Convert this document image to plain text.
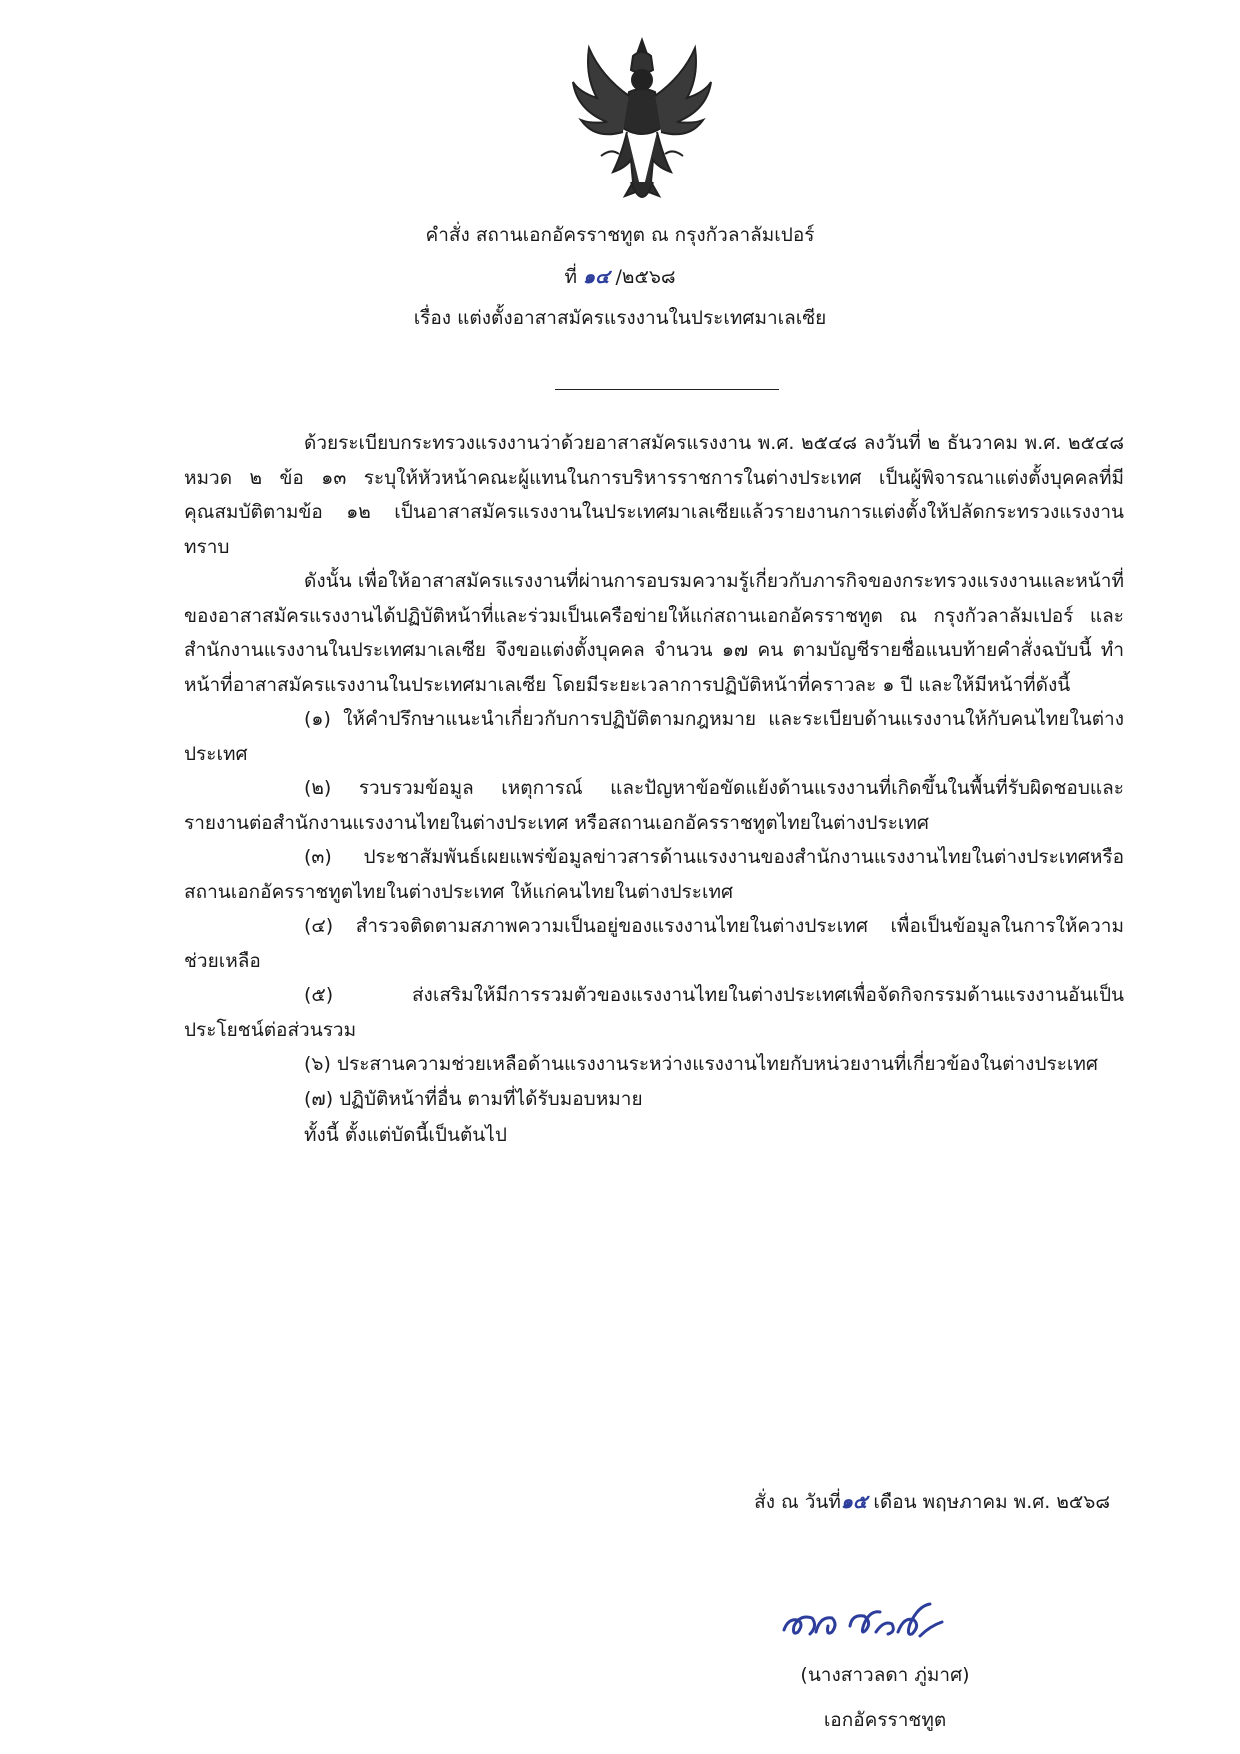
คำสั่ง สถานเอกอัครราชทูต ณ กรุงกัวลาลัมเปอร์
ที่ ๑๔ /๒๕๖๘
เรื่อง แต่งตั้งอาสาสมัครแรงงานในประเทศมาเลเซีย

ด้วยระเบียบกระทรวงแรงงานว่าด้วยอาสาสมัครแรงงาน พ.ศ. ๒๕๔๘ ลงวันที่ ๒ ธันวาคม พ.ศ. ๒๕๔๘ หมวด ๒ ข้อ ๑๓ ระบุให้หัวหน้าคณะผู้แทนในการบริหารราชการในต่างประเทศ เป็นผู้พิจารณาแต่งตั้งบุคคลที่มีคุณสมบัติตามข้อ ๑๒ เป็นอาสาสมัครแรงงานในประเทศมาเลเซียแล้วรายงานการแต่งตั้งให้ปลัดกระทรวงแรงงานทราบ

ดังนั้น เพื่อให้อาสาสมัครแรงงานที่ผ่านการอบรมความรู้เกี่ยวกับภารกิจของกระทรวงแรงงานและหน้าที่ของอาสาสมัครแรงงานได้ปฏิบัติหน้าที่และร่วมเป็นเครือข่ายให้แก่สถานเอกอัครราชทูต ณ กรุงกัวลาลัมเปอร์ และสำนักงานแรงงานในประเทศมาเลเซีย จึงขอแต่งตั้งบุคคล จำนวน ๑๗ คน ตามบัญชีรายชื่อแนบท้ายคำสั่งฉบับนี้ ทำหน้าที่อาสาสมัครแรงงานในประเทศมาเลเซีย โดยมีระยะเวลาการปฏิบัติหน้าที่คราวละ ๑ ปี และให้มีหน้าที่ดังนี้

(๑) ให้คำปรึกษาแนะนำเกี่ยวกับการปฏิบัติตามกฎหมาย และระเบียบด้านแรงงานให้กับคนไทยในต่างประเทศ

(๒) รวบรวมข้อมูล เหตุการณ์ และปัญหาข้อขัดแย้งด้านแรงงานที่เกิดขึ้นในพื้นที่รับผิดชอบและรายงานต่อสำนักงานแรงงานไทยในต่างประเทศ หรือสถานเอกอัครราชทูตไทยในต่างประเทศ

(๓) ประชาสัมพันธ์เผยแพร่ข้อมูลข่าวสารด้านแรงงานของสำนักงานแรงงานไทยในต่างประเทศหรือสถานเอกอัครราชทูตไทยในต่างประเทศ ให้แก่คนไทยในต่างประเทศ

(๔) สำรวจติดตามสภาพความเป็นอยู่ของแรงงานไทยในต่างประเทศ เพื่อเป็นข้อมูลในการให้ความช่วยเหลือ

(๕) ส่งเสริมให้มีการรวมตัวของแรงงานไทยในต่างประเทศเพื่อจัดกิจกรรมด้านแรงงานอันเป็นประโยชน์ต่อส่วนรวม

(๖) ประสานความช่วยเหลือด้านแรงงานระหว่างแรงงานไทยกับหน่วยงานที่เกี่ยวข้องในต่างประเทศ

(๗) ปฏิบัติหน้าที่อื่น ตามที่ได้รับมอบหมาย

ทั้งนี้ ตั้งแต่บัดนี้เป็นต้นไป

สั่ง ณ วันที่๑๕ เดือน พฤษภาคม พ.ศ. ๒๕๖๘
(นางสาวลดา ภู่มาศ)
เอกอัครราชทูต
